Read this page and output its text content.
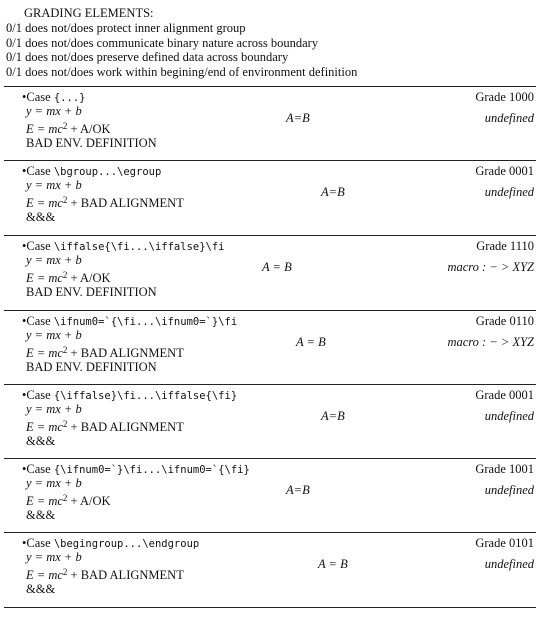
GRADING ELEMENTS:
0/1 does not/does protect inner alignment group
0/1 does not/does communicate binary nature across boundary
0/1 does not/does preserve defined data across boundary
0/1 does not/does work within begining/end of environment definition
•Case {...}
y = mx + b
$E = mc^2 + A/OK$
BAD ENV. DEFINITION
A=B
Grade 1000
undefined
•Case \bgroup...\egroup
y = mx + b
$E = mc^2$ + BAD ALIGNMENT
&&&
A=B
Grade 0001
undefined
•Case \iffalse{\fi...\iffalse}\fi
y = mx + b
$E = mc^2 + A/OK$
BAD ENV. DEFINITION
A = B
Grade 1110
macro : − > XYZ
•Case \ifnum0=`{\fi...\ifnum0=`}\fi
y = mx + b
$E = mc^2$ + BAD ALIGNMENT
BAD ENV. DEFINITION
A = B
Grade 0110
macro : − > XYZ
•Case {\iffalse}\fi...\iffalse{\fi}
y = mx + b
$E = mc^2$ + BAD ALIGNMENT
&&&
A=B
Grade 0001
undefined
•Case {\ifnum0=`}\fi...\ifnum0=`{\fi}
y = mx + b
$E = mc^2 + A/OK$
&&&
A=B
Grade 1001
undefined
•Case \begingroup...\endgroup
y = mx + b
$E = mc^2$ + BAD ALIGNMENT
&&&
A = B
Grade 0101
undefined
